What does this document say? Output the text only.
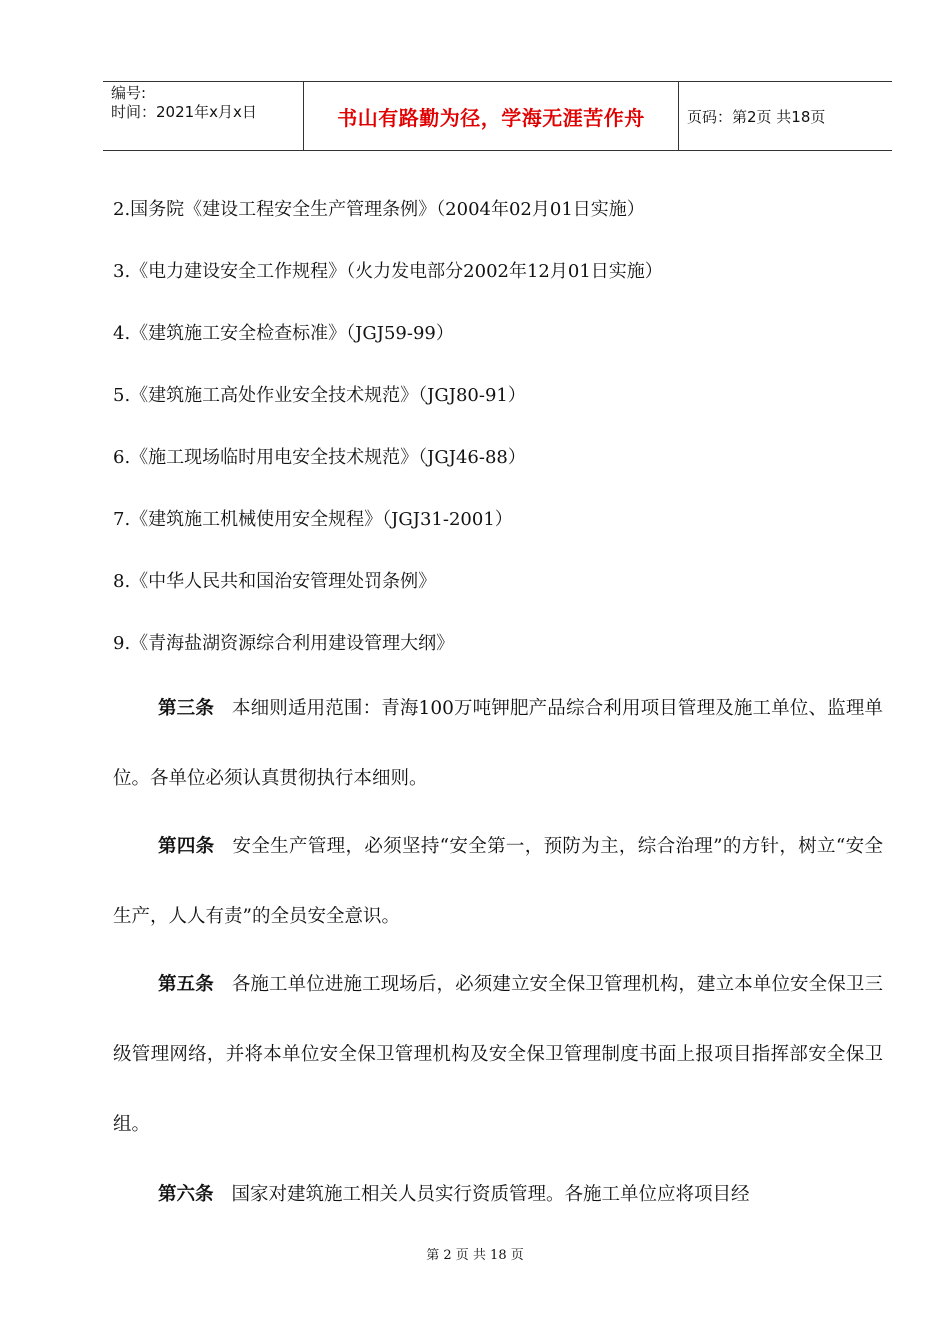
编号:
时间：2021年x月x日	书山有路勤为径，学海无涯苦作舟	页码：第2页 共18页

2.国务院《建设工程安全生产管理条例》（2004年02月01日实施）

3.《电力建设安全工作规程》（火力发电部分2002年12月01日实施）

4.《建筑施工安全检查标准》（JGJ59-99）

5.《建筑施工高处作业安全技术规范》（JGJ80-91）

6.《施工现场临时用电安全技术规范》（JGJ46-88）

7.《建筑施工机械使用安全规程》（JGJ31-2001）

8.《中华人民共和国治安管理处罚条例》

9.《青海盐湖资源综合利用建设管理大纲》

第三条 本细则适用范围：青海100万吨钾肥产品综合利用项目管理及施工单位、监理单位。各单位必须认真贯彻执行本细则。

第四条 安全生产管理，必须坚持“安全第一，预防为主，综合治理”的方针，树立“安全生产，人人有责”的全员安全意识。

第五条 各施工单位进施工现场后，必须建立安全保卫管理机构，建立本单位安全保卫三级管理网络，并将本单位安全保卫管理机构及安全保卫管理制度书面上报项目指挥部安全保卫组。

第六条 国家对建筑施工相关人员实行资质管理。各施工单位应将项目经

第 2 页 共 18 页
